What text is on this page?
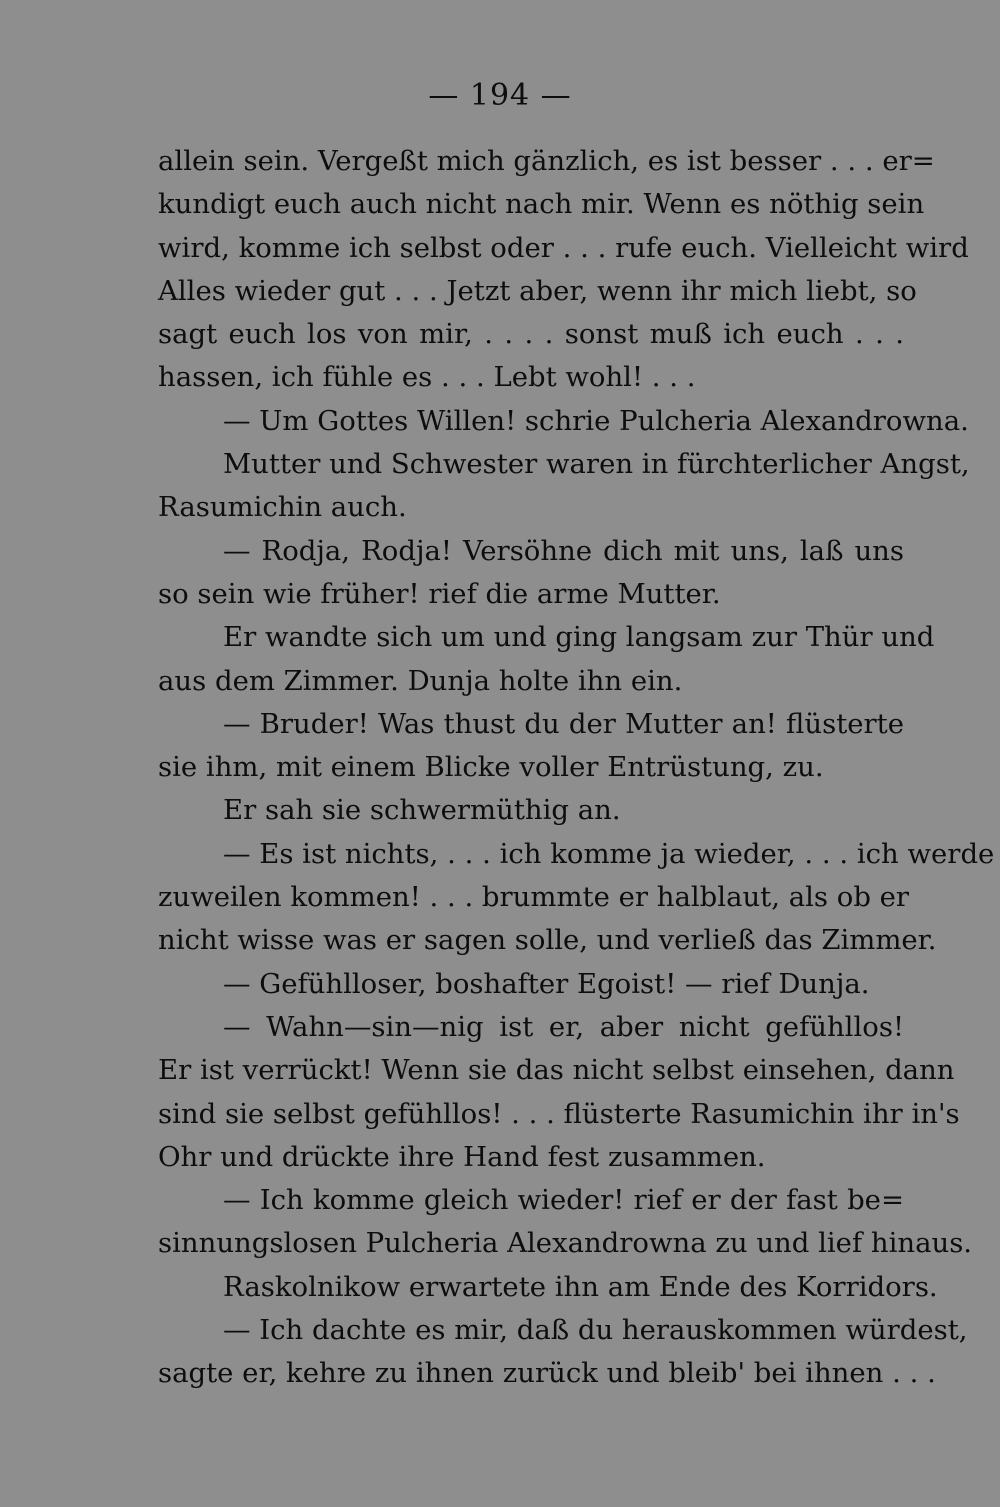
— 194 —
allein sein. Vergeßt mich gänzlich, es ist besser . . . er=
kundigt euch auch nicht nach mir. Wenn es nöthig sein
wird, komme ich selbst oder . . . rufe euch. Vielleicht wird
Alles wieder gut . . . Jetzt aber, wenn ihr mich liebt, so
sagt euch los von mir, . . . . sonst muß ich euch . . .
hassen, ich fühle es . . . Lebt wohl! . . .
— Um Gottes Willen! schrie Pulcheria Alexandrowna.
Mutter und Schwester waren in fürchterlicher Angst,
Rasumichin auch.
— Rodja, Rodja! Versöhne dich mit uns, laß uns
so sein wie früher! rief die arme Mutter.
Er wandte sich um und ging langsam zur Thür und
aus dem Zimmer. Dunja holte ihn ein.
— Bruder! Was thust du der Mutter an! flüsterte
sie ihm, mit einem Blicke voller Entrüstung, zu.
Er sah sie schwermüthig an.
— Es ist nichts, . . . ich komme ja wieder, . . . ich werde
zuweilen kommen! . . . brummte er halblaut, als ob er
nicht wisse was er sagen solle, und verließ das Zimmer.
— Gefühlloser, boshafter Egoist! — rief Dunja.
— Wahn—sin—nig ist er, aber nicht gefühllos!
Er ist verrückt! Wenn sie das nicht selbst einsehen, dann
sind sie selbst gefühllos! . . . flüsterte Rasumichin ihr in's
Ohr und drückte ihre Hand fest zusammen.
— Ich komme gleich wieder! rief er der fast be=
sinnungslosen Pulcheria Alexandrowna zu und lief hinaus.
Raskolnikow erwartete ihn am Ende des Korridors.
— Ich dachte es mir, daß du herauskommen würdest,
sagte er, kehre zu ihnen zurück und bleib' bei ihnen . . .
